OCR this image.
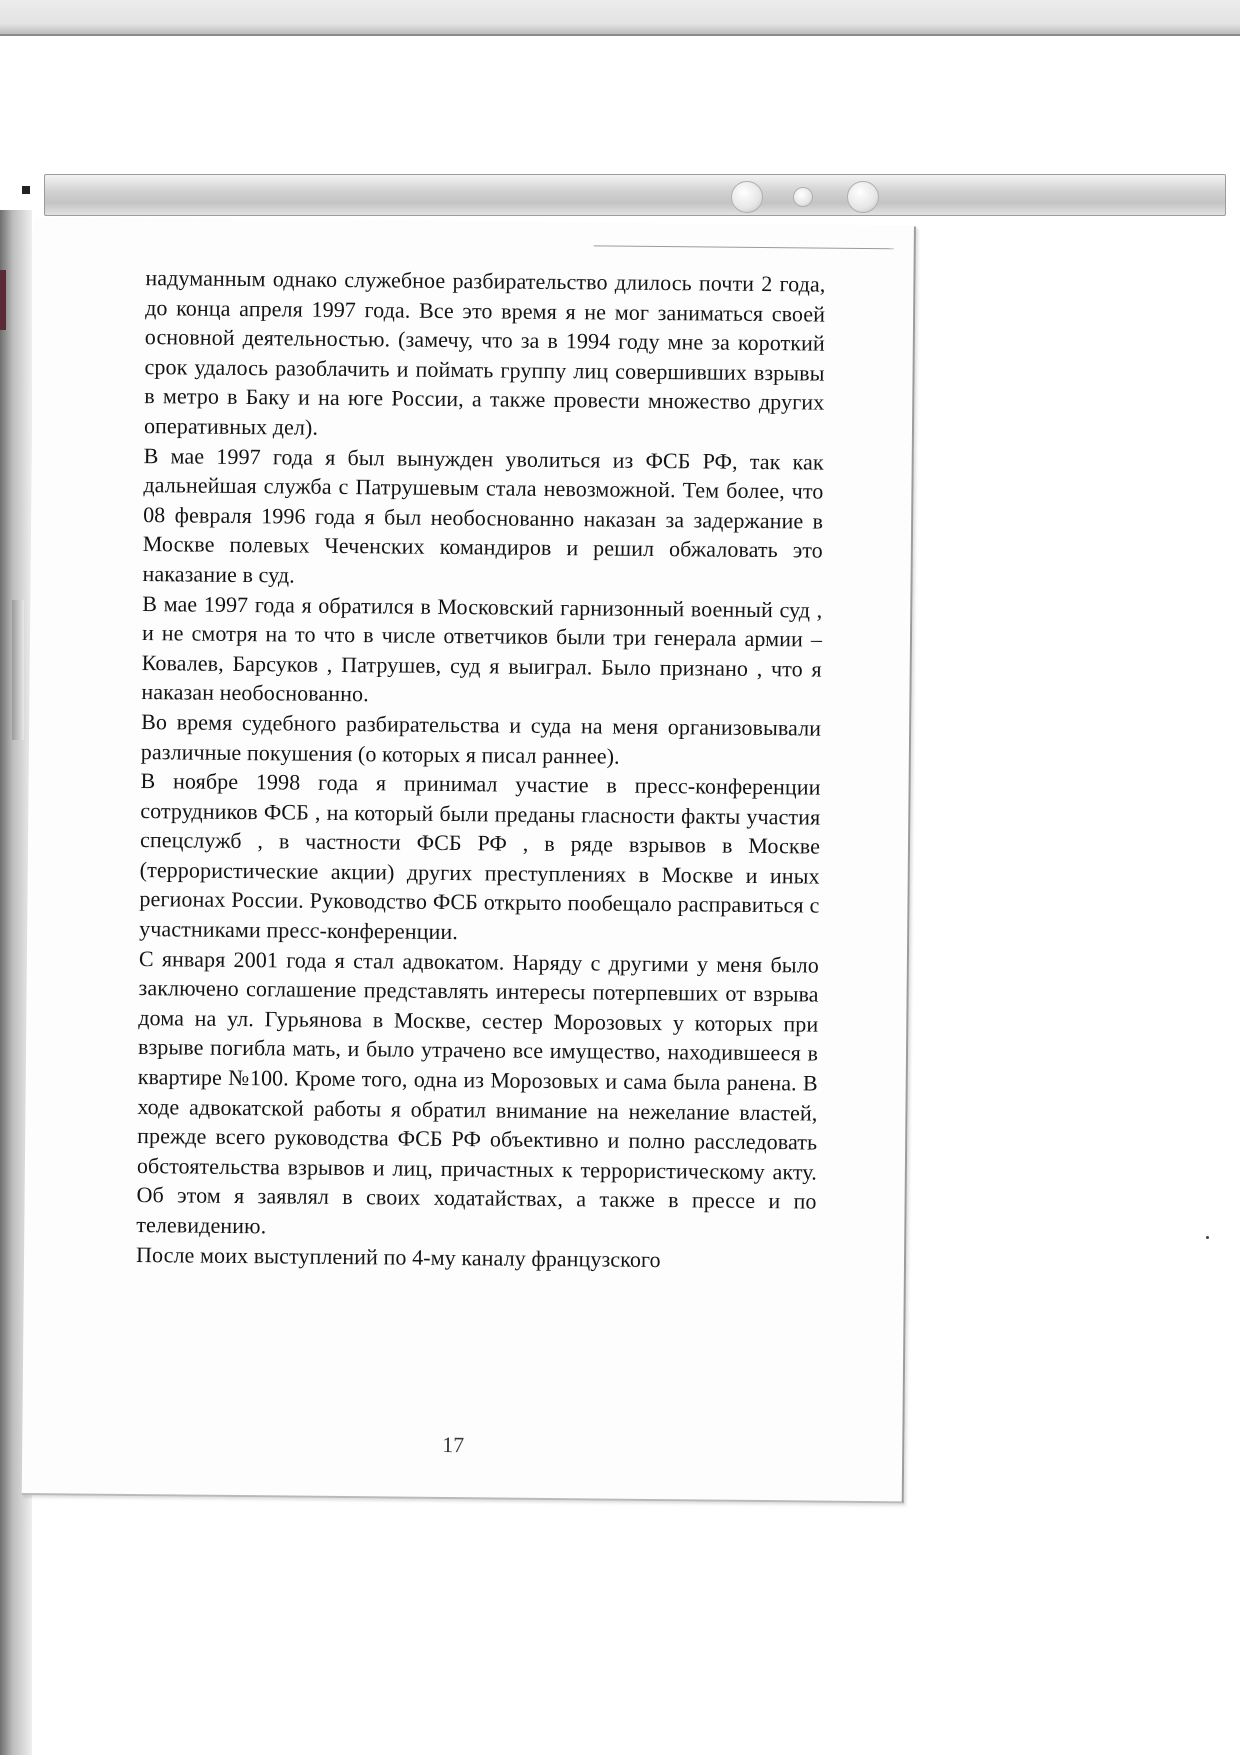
надуманным однако служебное разбирательство длилось почти 2 года, до конца апреля 1997 года. Все это время я не мог заниматься своей основной деятельностью. (замечу, что за в 1994 году мне за короткий срок удалось разоблачить и поймать группу лиц совершивших взрывы в метро в Баку и на юге России, а также провести множество других оперативных дел).

В мае 1997 года я был вынужден уволиться из ФСБ РФ, так как дальнейшая служба с Патрушевым стала невозможной. Тем более, что 08 февраля 1996 года я был необоснованно наказан за задержание в Москве полевых Чеченских командиров и решил обжаловать это наказание в суд.

В мае 1997 года я обратился в Московский гарнизонный военный суд , и не смотря на то что в числе ответчиков были три генерала армии – Ковалев, Барсуков , Патрушев, суд я выиграл. Было признано , что я наказан необоснованно.

Во время судебного разбирательства и суда на меня организовывали различные покушения (о которых я писал раннее).

В ноябре 1998 года я принимал участие в пресс-конференции сотрудников ФСБ , на который были преданы гласности факты участия спецслужб , в частности ФСБ РФ , в ряде взрывов в Москве (террористические акции) других преступлениях в Москве и иных регионах России. Руководство ФСБ открыто пообещало расправиться с участниками пресс-конференции.

С января 2001 года я стал адвокатом. Наряду с другими у меня было заключено соглашение представлять интересы потерпевших от взрыва дома на ул. Гурьянова в Москве, сестер Морозовых у которых при взрыве погибла мать, и было утрачено все имущество, находившееся в квартире №100. Кроме того, одна из Морозовых и сама была ранена. В ходе адвокатской работы я обратил внимание на нежелание властей, прежде всего руководства ФСБ РФ объективно и полно расследовать обстоятельства взрывов и лиц, причастных к террористическому акту. Об этом я заявлял в своих ходатайствах, а также в прессе и по телевидению.

После моих выступлений по 4-му каналу французского

17
